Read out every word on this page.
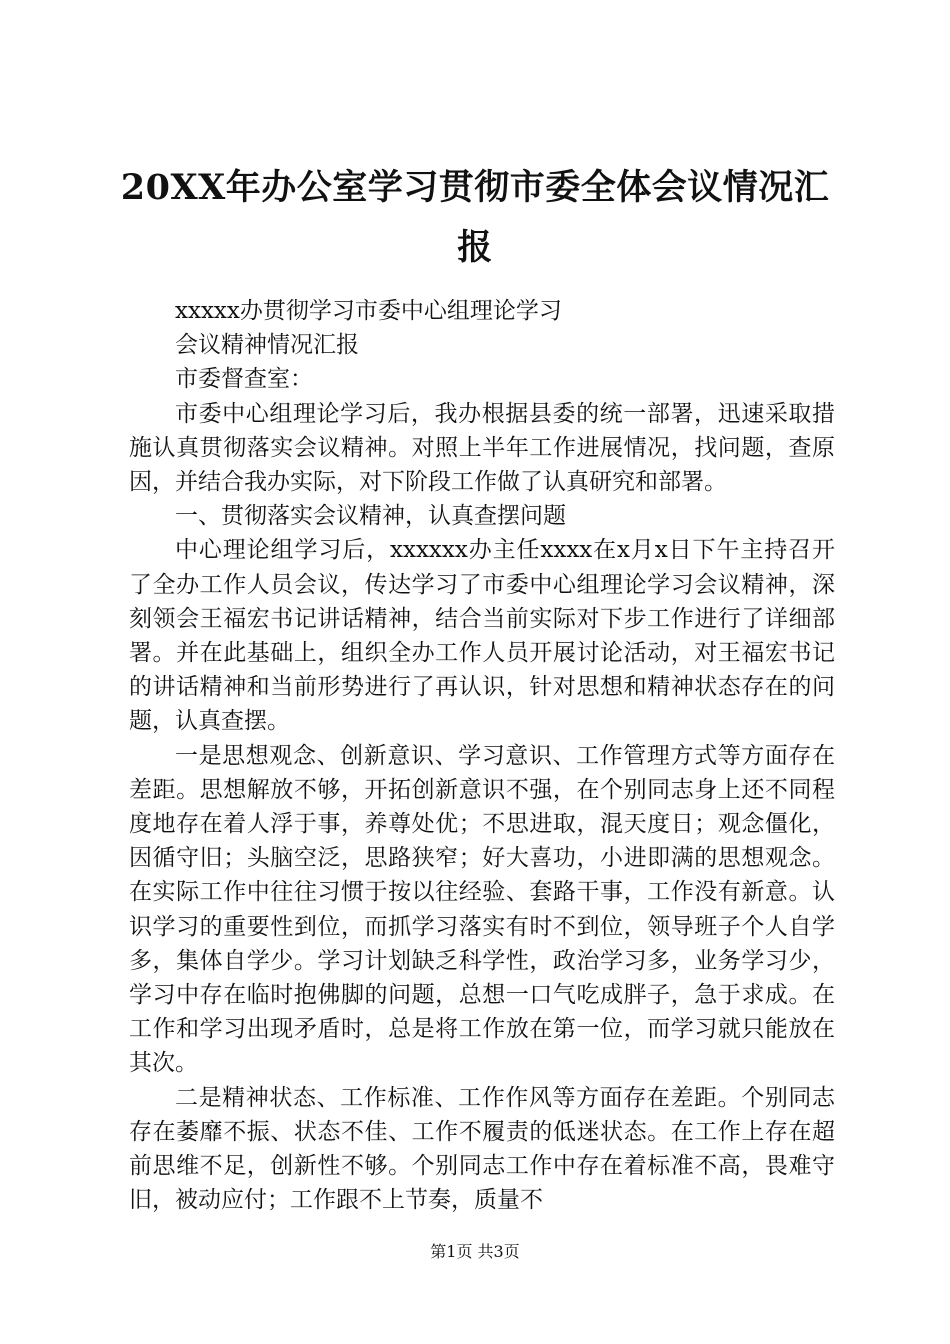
20XX年办公室学习贯彻市委全体会议情况汇报

xxxxx办贯彻学习市委中心组理论学习

会议精神情况汇报

市委督查室：

市委中心组理论学习后，我办根据县委的统一部署，迅速采取措施认真贯彻落实会议精神。对照上半年工作进展情况，找问题，查原因，并结合我办实际，对下阶段工作做了认真研究和部署。

一、贯彻落实会议精神，认真查摆问题

中心理论组学习后，xxxxxx办主任xxxx在x月x日下午主持召开了全办工作人员会议，传达学习了市委中心组理论学习会议精神，深刻领会王福宏书记讲话精神，结合当前实际对下步工作进行了详细部署。并在此基础上，组织全办工作人员开展讨论活动，对王福宏书记的讲话精神和当前形势进行了再认识，针对思想和精神状态存在的问题，认真查摆。

一是思想观念、创新意识、学习意识、工作管理方式等方面存在差距。思想解放不够，开拓创新意识不强，在个别同志身上还不同程度地存在着人浮于事，养尊处优；不思进取，混天度日；观念僵化，因循守旧；头脑空泛，思路狭窄；好大喜功，小进即满的思想观念。在实际工作中往往习惯于按以往经验、套路干事，工作没有新意。认识学习的重要性到位，而抓学习落实有时不到位，领导班子个人自学多，集体自学少。学习计划缺乏科学性，政治学习多，业务学习少，学习中存在临时抱佛脚的问题，总想一口气吃成胖子，急于求成。在工作和学习出现矛盾时，总是将工作放在第一位，而学习就只能放在其次。

二是精神状态、工作标准、工作作风等方面存在差距。个别同志存在萎靡不振、状态不佳、工作不履责的低迷状态。在工作上存在超前思维不足，创新性不够。个别同志工作中存在着标准不高，畏难守旧，被动应付；工作跟不上节奏，质量不

第1页 共3页
